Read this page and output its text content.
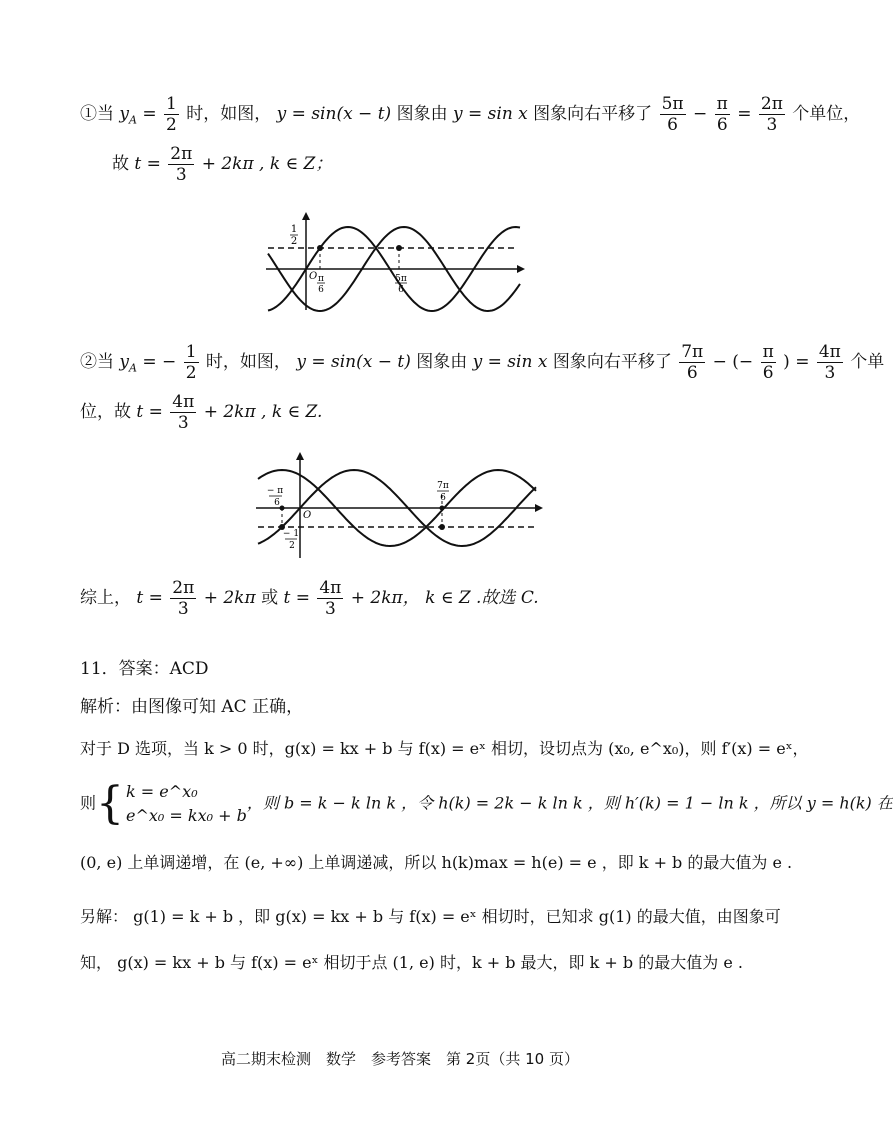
①当 $y_A = \frac{1}{2}$ 时，如图， y = sin(x − t) 图象由 y = sin x 图象向右平移了 $\frac{5\pi}{6} - \frac{\pi}{6} = \frac{2\pi}{3}$ 个单位，
故 $t = \frac{2\pi}{3} + 2k\pi$ , k ∈ Z；
1
2
O π
6
5π
6
②当 $y_A$ = − $\frac{1}{2}$ 时，如图， y = sin(x − t) 图象由 y = sin x 图象向右平移了 $\frac{7\pi}{6}$ − (− $\frac{\pi}{6}$ ) = $\frac{4\pi}{3}$ 个单
位，故 $t = \frac{4\pi}{3} + 2k\pi$ , k ∈ Z.
− π
6
O
− 1
2
7π
6
综上， $t = \frac{2\pi}{3} + 2k\pi$ 或 $t = \frac{4\pi}{3} + 2k\pi$， k ∈ Z .故选 C.
11．答案：ACD
解析：由图像可知 AC 正确，
对于 D 选项，当 k > 0 时，g(x) = kx + b 与 f(x) = eˣ 相切，设切点为 (x₀, e^x₀)，则 f′(x) = eˣ，
则{ k = e^x₀
e^x₀ = kx₀ + b
，则 b = k − k ln k ，令 h(k) = 2k − k ln k ，则 h′(k) = 1 − ln k ，所以 y = h(k) 在
(0, e) 上单调递增，在 (e, +∞) 上单调递减，所以 h(k)max = h(e) = e ，即 k + b 的最大值为 e .
另解： g(1) = k + b ，即 g(x) = kx + b 与 f(x) = eˣ 相切时，已知求 g(1) 的最大值，由图象可
知， g(x) = kx + b 与 f(x) = eˣ 相切于点 (1, e) 时，k + b 最大，即 k + b 的最大值为 e .
高二期末检测　数学　参考答案　第 2页（共 10 页）
